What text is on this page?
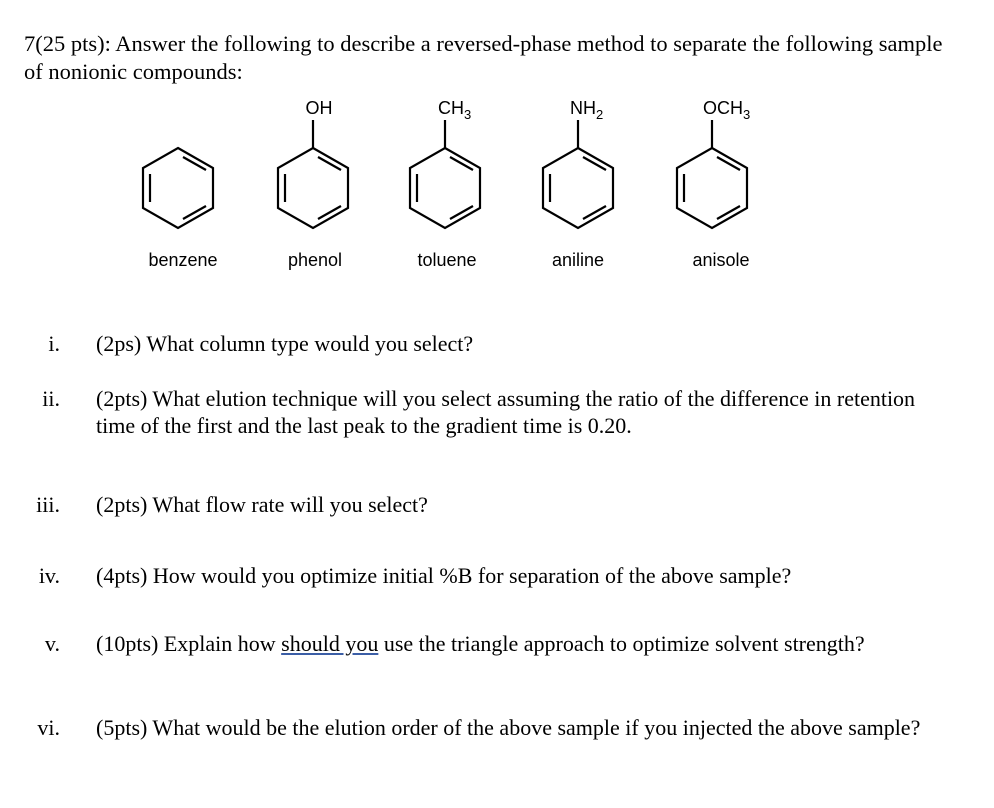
7(25 pts): Answer the following to describe a reversed-phase method to separate the following sample of nonionic compounds:
benzene
OH
phenol
$CH_3$
toluene
$NH_2$
aniline
$OCH_3$
anisole
i. (2ps) What column type would you select?
ii. (2pts) What elution technique will you select assuming the ratio of the difference in retention time of the first and the last peak to the gradient time is 0.20.
iii. (2pts) What flow rate will you select?
iv. (4pts) How would you optimize initial %B for separation of the above sample?
v. (10pts) Explain how should you use the triangle approach to optimize solvent strength?
vi. (5pts) What would be the elution order of the above sample if you injected the above sample?
